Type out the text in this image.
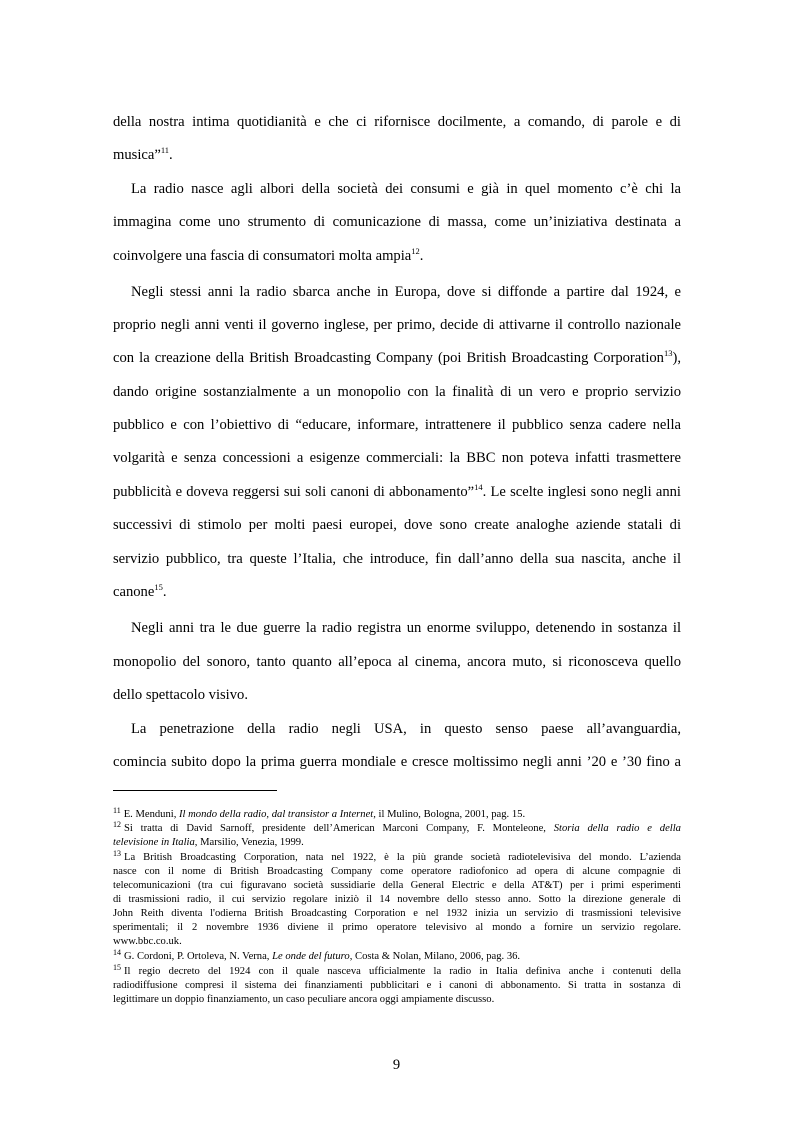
della nostra intima quotidianità e che ci rifornisce docilmente, a comando, di parole e di
musica”$^{11}$.
La radio nasce agli albori della società dei consumi e già in quel momento c’è chi la
immagina come uno strumento di comunicazione di massa, come un’iniziativa destinata a
coinvolgere una fascia di consumatori molta ampia$^{12}$.
Negli stessi anni la radio sbarca anche in Europa, dove si diffonde a partire dal 1924, e
proprio negli anni venti il governo inglese, per primo, decide di attivarne il controllo nazionale
con la creazione della British Broadcasting Company (poi British Broadcasting Corporation$^{13}$),
dando origine sostanzialmente a un monopolio con la finalità di un vero e proprio servizio
pubblico e con l’obiettivo di “educare, informare, intrattenere il pubblico senza cadere nella
volgarità e senza concessioni a esigenze commerciali: la BBC non poteva infatti trasmettere
pubblicità e doveva reggersi sui soli canoni di abbonamento”$^{14}$. Le scelte inglesi sono negli anni
successivi di stimolo per molti paesi europei, dove sono create analoghe aziende statali di
servizio pubblico, tra queste l’Italia, che introduce, fin dall’anno della sua nascita, anche il
canone$^{15}$.
Negli anni tra le due guerre la radio registra un enorme sviluppo, detenendo in sostanza il
monopolio del sonoro, tanto quanto all’epoca al cinema, ancora muto, si riconosceva quello
dello spettacolo visivo.
La penetrazione della radio negli USA, in questo senso paese all’avanguardia,
comincia subito dopo la prima guerra mondiale e cresce moltissimo negli anni ’20 e ’30 fino a
$^{11}$ E. Menduni, Il mondo della radio, dal transistor a Internet, il Mulino, Bologna, 2001, pag. 15.
$^{12}$ Si tratta di David Sarnoff, presidente dell’American Marconi Company, F. Monteleone, Storia della radio e della
televisione in Italia, Marsilio, Venezia, 1999.
$^{13}$ La British Broadcasting Corporation, nata nel 1922, è la più grande società radiotelevisiva del mondo. L’azienda
nasce con il nome di British Broadcasting Company come operatore radiofonico ad opera di alcune compagnie di
telecomunicazioni (tra cui figuravano società sussidiarie della General Electric e della AT&T) per i primi esperimenti
di trasmissioni radio, il cui servizio regolare iniziò il 14 novembre dello stesso anno. Sotto la direzione generale di
John Reith diventa l'odierna British Broadcasting Corporation e nel 1932 inizia un servizio di trasmissioni televisive
sperimentali; il 2 novembre 1936 diviene il primo operatore televisivo al mondo a fornire un servizio regolare.
www.bbc.co.uk.
$^{14}$ G. Cordoni, P. Ortoleva, N. Verna, Le onde del futuro, Costa & Nolan, Milano, 2006, pag. 36.
$^{15}$ Il regio decreto del 1924 con il quale nasceva ufficialmente la radio in Italia definiva anche i contenuti della
radiodiffusione compresi il sistema dei finanziamenti pubblicitari e i canoni di abbonamento. Si tratta in sostanza di
legittimare un doppio finanziamento, un caso peculiare ancora oggi ampiamente discusso.
9
